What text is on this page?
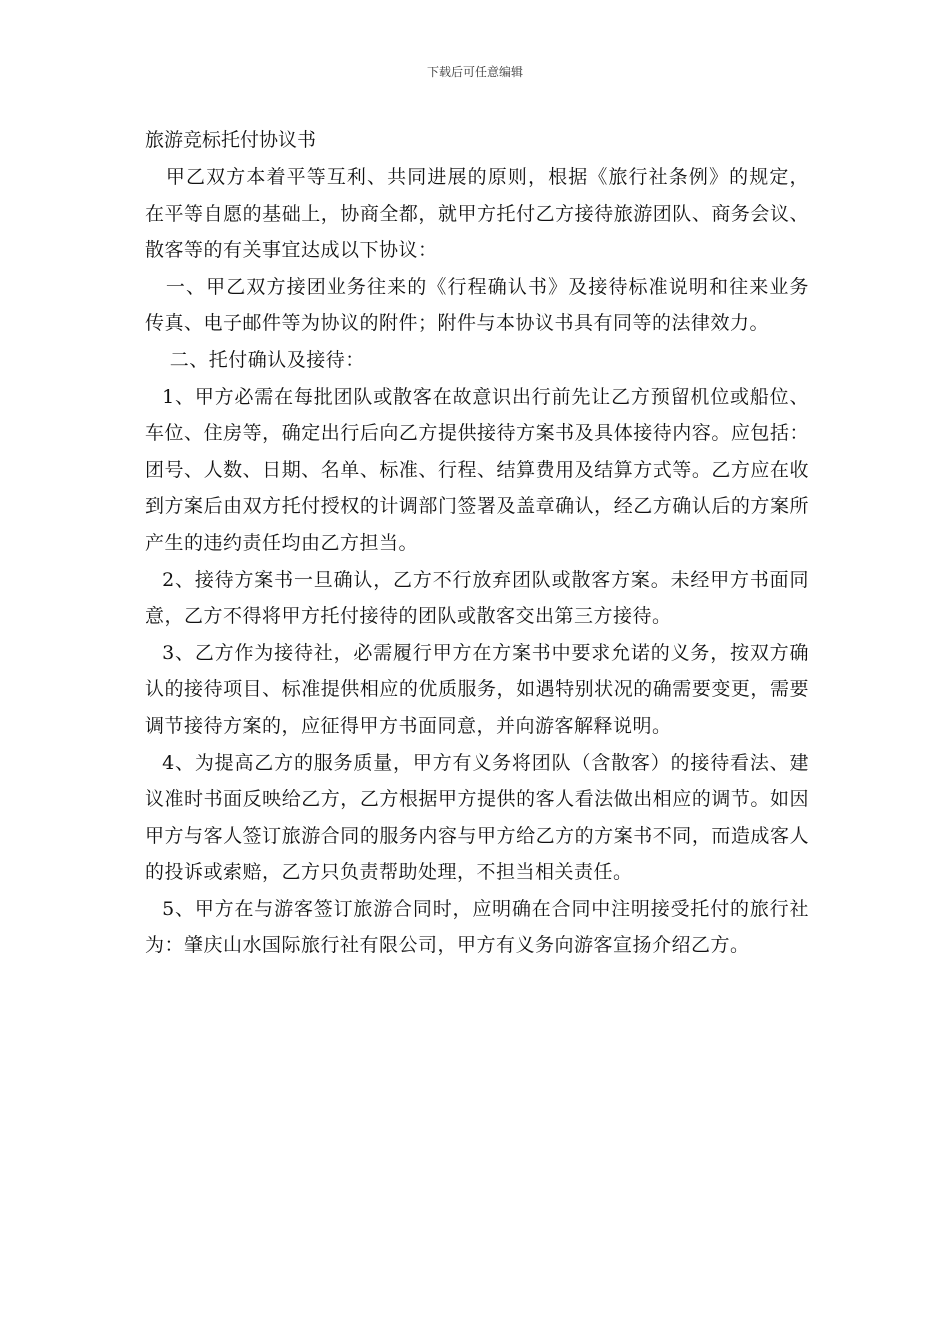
下载后可任意编辑
旅游竞标托付协议书

甲乙双方本着平等互利、共同进展的原则，根据《旅行社条例》的规定，在平等自愿的基础上，协商全都，就甲方托付乙方接待旅游团队、商务会议、散客等的有关事宜达成以下协议：

一、甲乙双方接团业务往来的《行程确认书》及接待标准说明和往来业务传真、电子邮件等为协议的附件；附件与本协议书具有同等的法律效力。

二、托付确认及接待：

1、甲方必需在每批团队或散客在故意识出行前先让乙方预留机位或船位、车位、住房等，确定出行后向乙方提供接待方案书及具体接待内容。应包括：团号、人数、日期、名单、标准、行程、结算费用及结算方式等。乙方应在收到方案后由双方托付授权的计调部门签署及盖章确认，经乙方确认后的方案所产生的违约责任均由乙方担当。

2、接待方案书一旦确认，乙方不行放弃团队或散客方案。未经甲方书面同意，乙方不得将甲方托付接待的团队或散客交出第三方接待。

3、乙方作为接待社，必需履行甲方在方案书中要求允诺的义务，按双方确认的接待项目、标准提供相应的优质服务，如遇特别状况的确需要变更，需要调节接待方案的，应征得甲方书面同意，并向游客解释说明。

4、为提高乙方的服务质量，甲方有义务将团队（含散客）的接待看法、建议准时书面反映给乙方，乙方根据甲方提供的客人看法做出相应的调节。如因甲方与客人签订旅游合同的服务内容与甲方给乙方的方案书不同，而造成客人的投诉或索赔，乙方只负责帮助处理，不担当相关责任。

5、甲方在与游客签订旅游合同时，应明确在合同中注明接受托付的旅行社为：肇庆山水国际旅行社有限公司，甲方有义务向游客宣扬介绍乙方。
